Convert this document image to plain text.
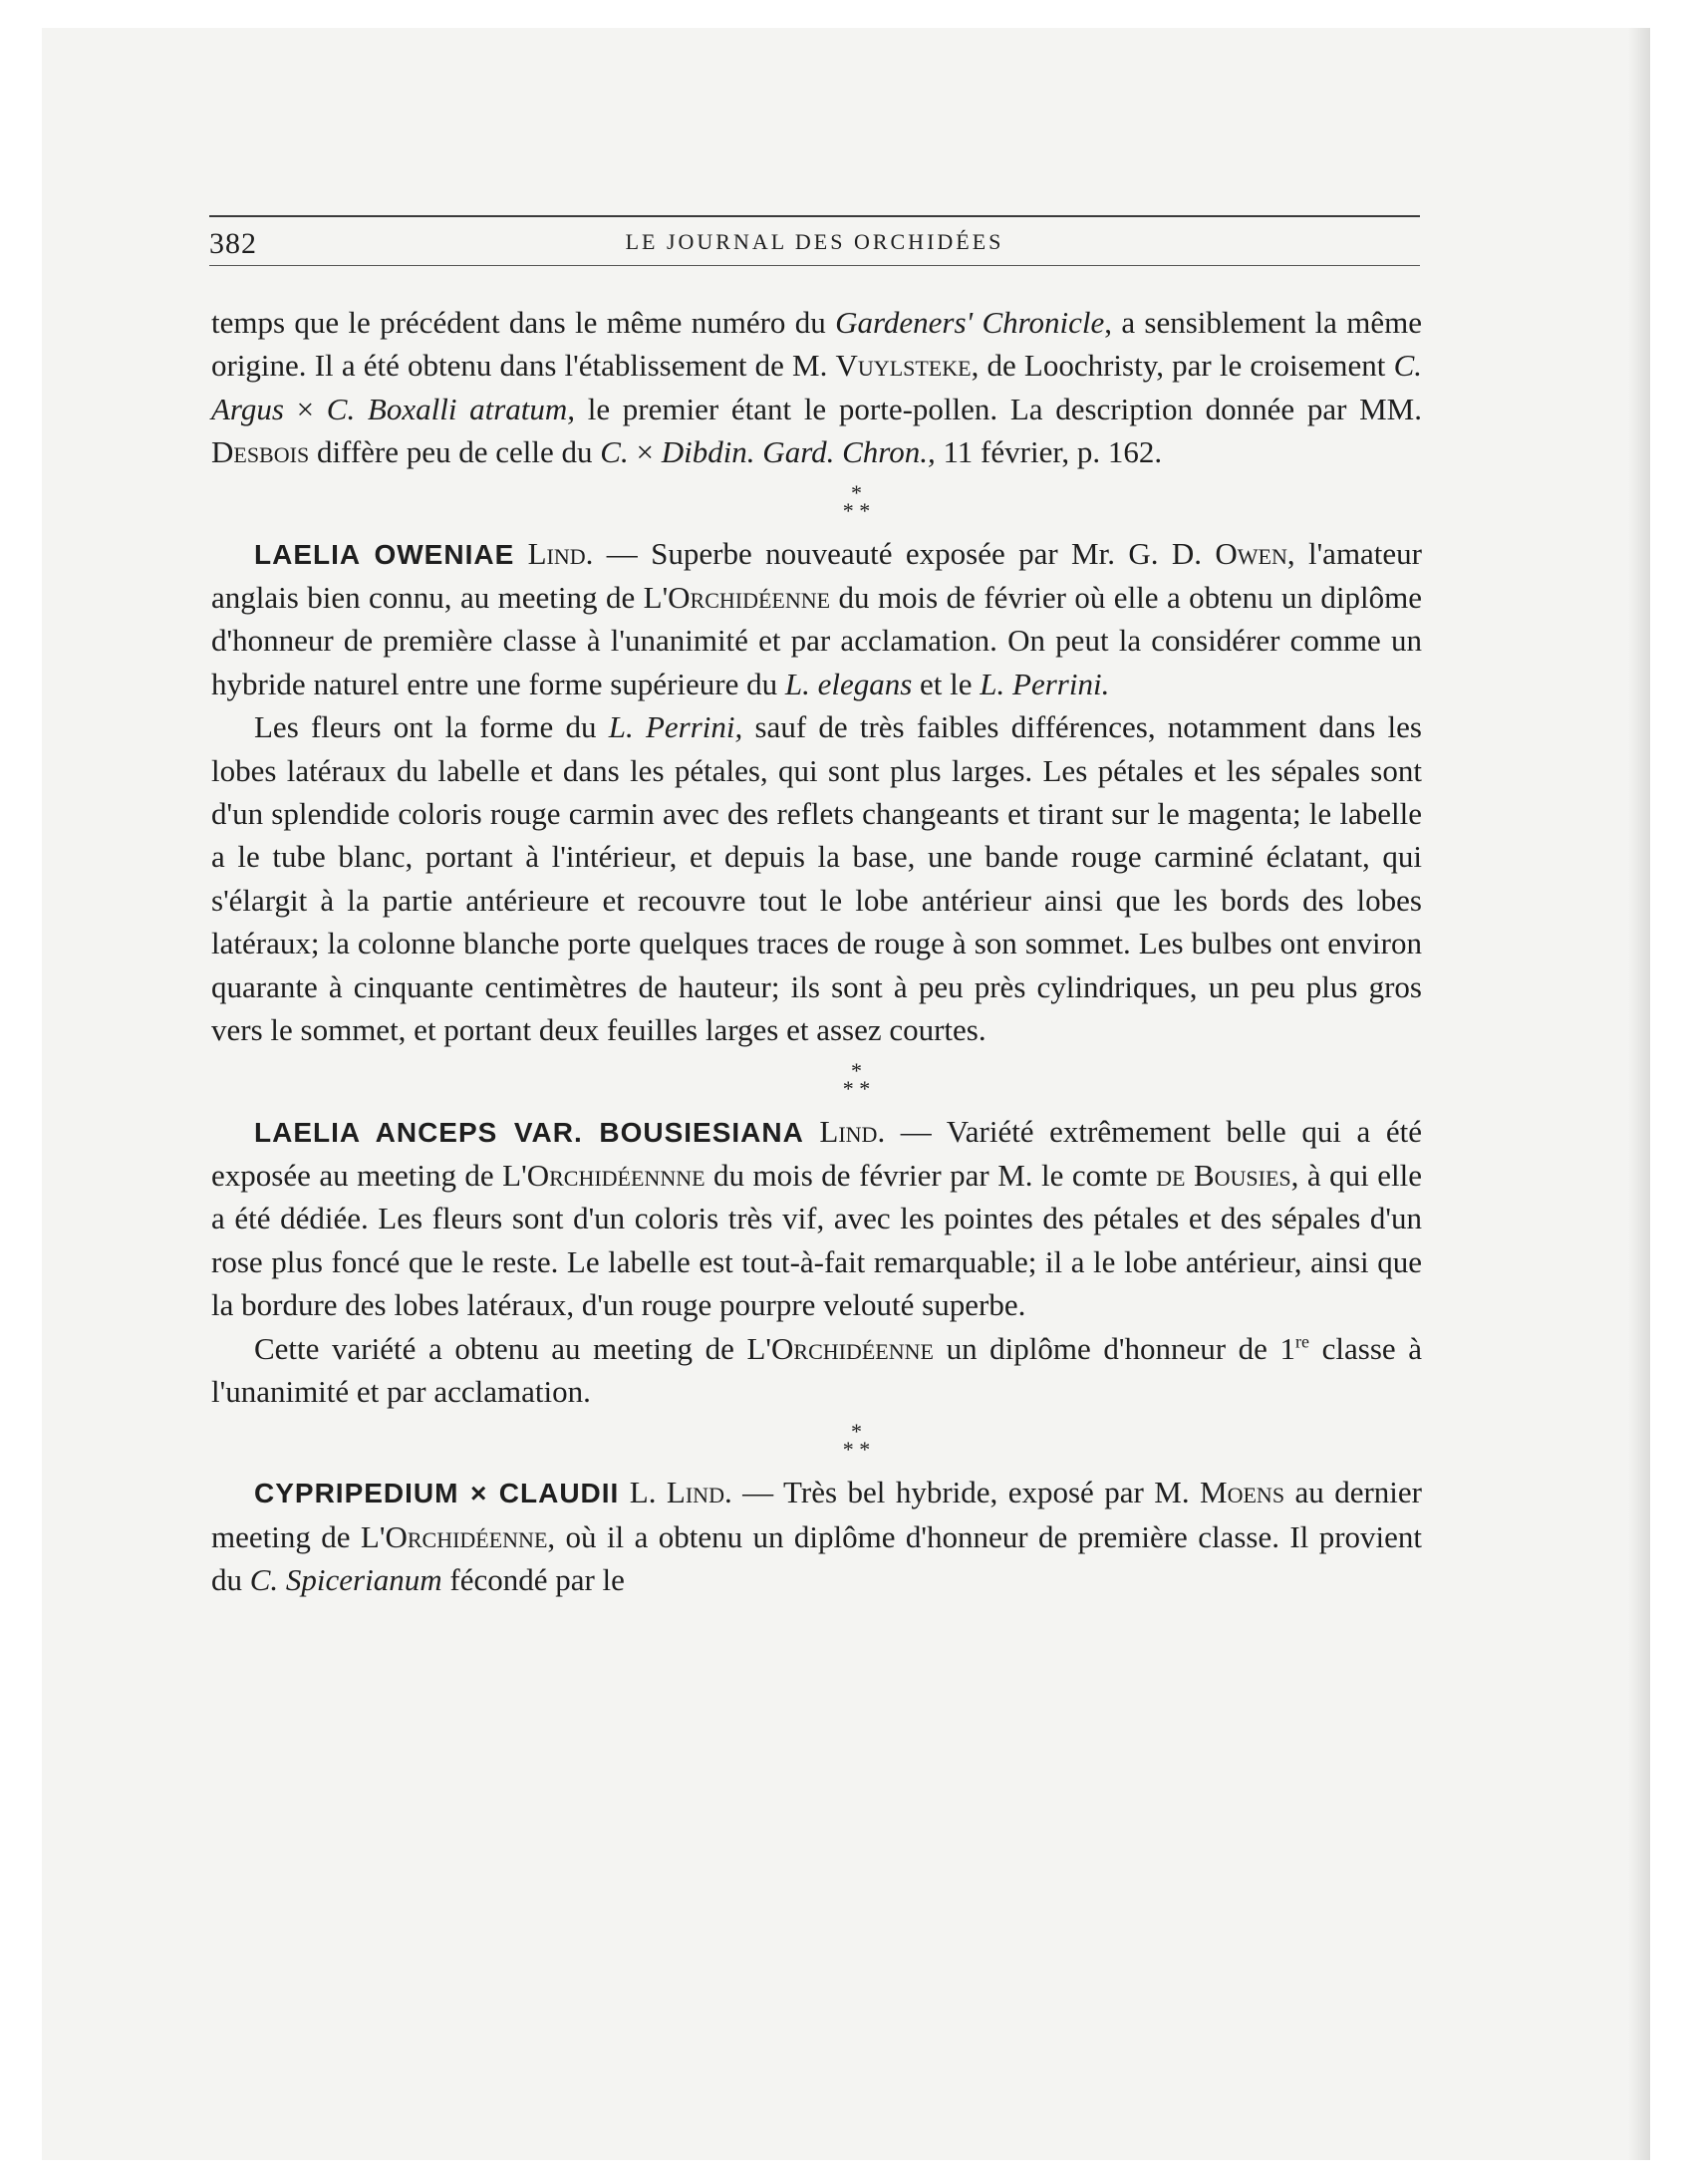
382	LE JOURNAL DES ORCHIDÉES

temps que le précédent dans le même numéro du Gardeners' Chronicle, a sensiblement la même origine. Il a été obtenu dans l'établissement de M. Vuylsteke, de Loochristy, par le croisement C. Argus × C. Boxalli atratum, le premier étant le porte-pollen. La description donnée par MM. Desbois diffère peu de celle du C. × Dibdin. Gard. Chron., 11 février, p. 162.

*
* *

LAELIA OWENIAE Lind. — Superbe nouveauté exposée par Mr. G. D. Owen, l'amateur anglais bien connu, au meeting de L'Orchidéenne du mois de février où elle a obtenu un diplôme d'honneur de première classe à l'unanimité et par acclamation. On peut la considérer comme un hybride naturel entre une forme supérieure du L. elegans et le L. Perrini.

Les fleurs ont la forme du L. Perrini, sauf de très faibles différences, notamment dans les lobes latéraux du labelle et dans les pétales, qui sont plus larges. Les pétales et les sépales sont d'un splendide coloris rouge carmin avec des reflets changeants et tirant sur le magenta; le labelle a le tube blanc, portant à l'intérieur, et depuis la base, une bande rouge carminé éclatant, qui s'élargit à la partie antérieure et recouvre tout le lobe antérieur ainsi que les bords des lobes latéraux; la colonne blanche porte quelques traces de rouge à son sommet. Les bulbes ont environ quarante à cinquante centimètres de hauteur; ils sont à peu près cylindriques, un peu plus gros vers le sommet, et portant deux feuilles larges et assez courtes.

*
* *

LAELIA ANCEPS VAR. BOUSIESIANA Lind. — Variété extrêmement belle qui a été exposée au meeting de L'Orchidéennne du mois de février par M. le comte de Bousies, à qui elle a été dédiée. Les fleurs sont d'un coloris très vif, avec les pointes des pétales et des sépales d'un rose plus foncé que le reste. Le labelle est tout-à-fait remarquable; il a le lobe antérieur, ainsi que la bordure des lobes latéraux, d'un rouge pourpre velouté superbe.

Cette variété a obtenu au meeting de L'Orchidéenne un diplôme d'honneur de 1re classe à l'unanimité et par acclamation.

*
* *

CYPRIPEDIUM × CLAUDII L. Lind. — Très bel hybride, exposé par M. Moens au dernier meeting de L'Orchidéenne, où il a obtenu un diplôme d'honneur de première classe. Il provient du C. Spicerianum fécondé par le
